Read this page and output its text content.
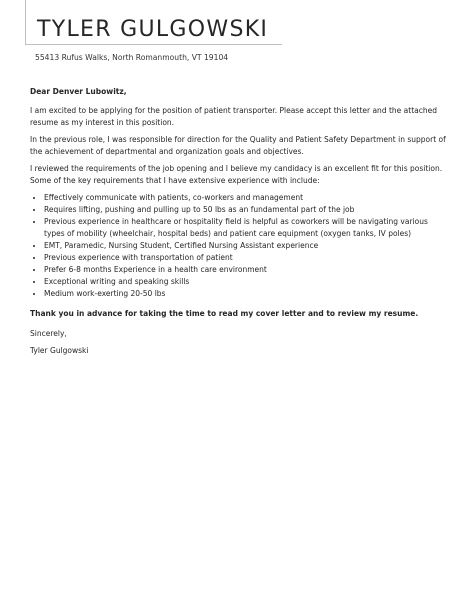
TYLER GULGOWSKI
55413 Rufus Walks, North Romanmouth, VT 19104

Dear Denver Lubowitz,

I am excited to be applying for the position of patient transporter. Please accept this letter and the attached resume as my interest in this position.

In the previous role, I was responsible for direction for the Quality and Patient Safety Department in support of the achievement of departmental and organization goals and objectives.

I reviewed the requirements of the job opening and I believe my candidacy is an excellent fit for this position. Some of the key requirements that I have extensive experience with include:

• Effectively communicate with patients, co-workers and management
• Requires lifting, pushing and pulling up to 50 lbs as an fundamental part of the job
• Previous experience in healthcare or hospitality field is helpful as coworkers will be navigating various types of mobility (wheelchair, hospital beds) and patient care equipment (oxygen tanks, IV poles)
• EMT, Paramedic, Nursing Student, Certified Nursing Assistant experience
• Previous experience with transportation of patient
• Prefer 6-8 months Experience in a health care environment
• Exceptional writing and speaking skills
• Medium work-exerting 20-50 lbs

Thank you in advance for taking the time to read my cover letter and to review my resume.

Sincerely,

Tyler Gulgowski
